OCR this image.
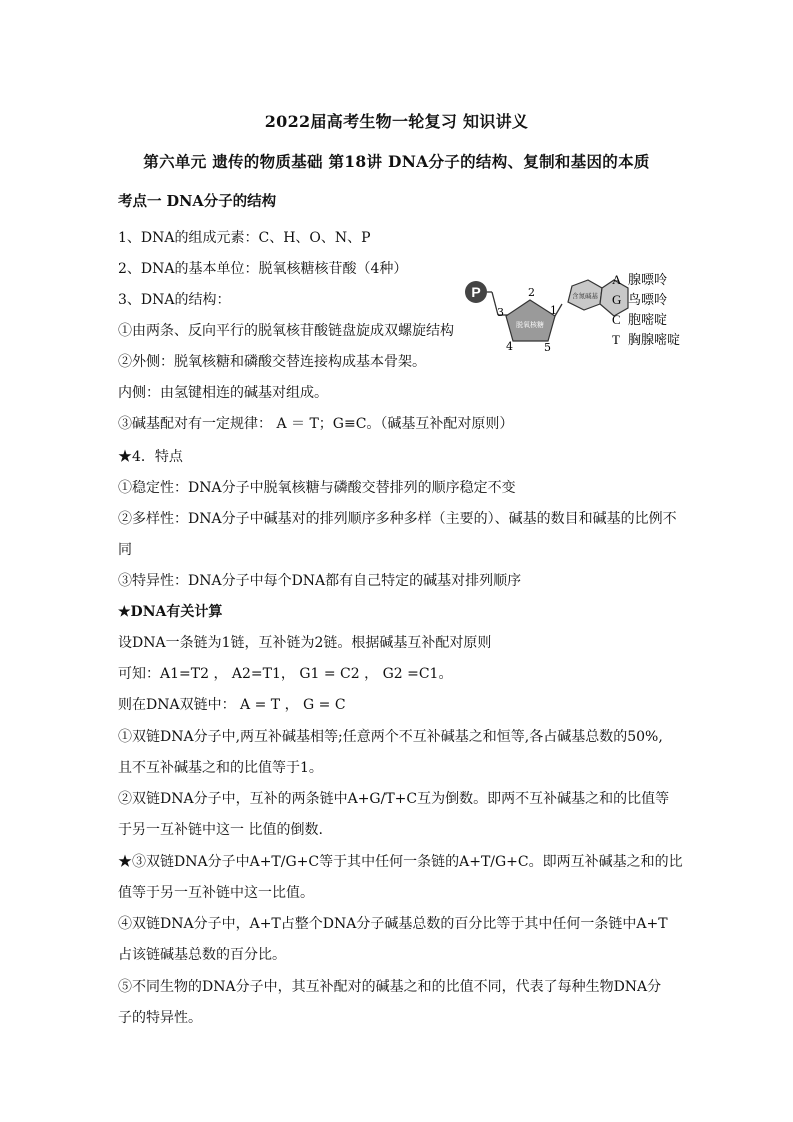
2022届高考生物一轮复习 知识讲义
第六单元 遗传的物质基础 第18讲 DNA分子的结构、复制和基因的本质
考点一 DNA分子的结构
1、DNA的组成元素：C、H、O、N、P
2、DNA的基本单位：脱氧核糖核苷酸（4种）
3、DNA的结构：
①由两条、反向平行的脱氧核苷酸链盘旋成双螺旋结构
②外侧：脱氧核糖和磷酸交替连接构成基本骨架。
内侧：由氢键相连的碱基对组成。
③碱基配对有一定规律： A ＝ T；G≡C。（碱基互补配对原则）
★4．特点
①稳定性：DNA分子中脱氧核糖与磷酸交替排列的顺序稳定不变
②多样性：DNA分子中碱基对的排列顺序多种多样（主要的）、碱基的数目和碱基的比例不
同
③特异性：DNA分子中每个DNA都有自己特定的碱基对排列顺序
★DNA有关计算
设DNA一条链为1链，互补链为2链。根据碱基互补配对原则
可知：A1=T2 ， A2=T1， G1 = C2 ， G2 =C1。
则在DNA双链中： A = T ， G = C
①双链DNA分子中,两互补碱基相等;任意两个不互补碱基之和恒等,各占碱基总数的50%,
且不互补碱基之和的比值等于1。
②双链DNA分子中，互补的两条链中A+G/T+C互为倒数。即两不互补碱基之和的比值等
于另一互补链中这一 比值的倒数.
★③双链DNA分子中A+T/G+C等于其中任何一条链的A+T/G+C。即两互补碱基之和的比
值等于另一互补链中这一比值。
④双链DNA分子中，A+T占整个DNA分子碱基总数的百分比等于其中任何一条链中A+T
占该链碱基总数的百分比。
⑤不同生物的DNA分子中，其互补配对的碱基之和的比值不同，代表了每种生物DNA分
子的特异性。
P
脱氧核糖
2
3	1
4	5
含氮碱基
A 腺嘌呤
G 鸟嘌呤
C 胞嘧啶
T 胸腺嘧啶
